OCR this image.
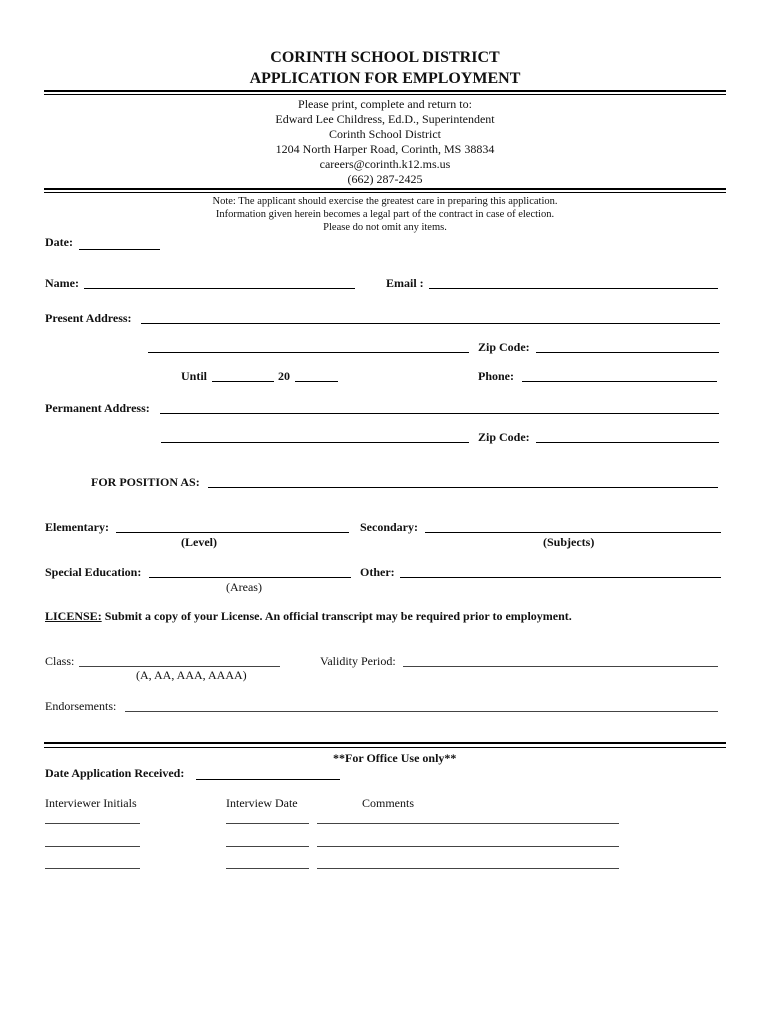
CORINTH SCHOOL DISTRICT
APPLICATION FOR EMPLOYMENT
Please print, complete and return to:
Edward Lee Childress, Ed.D., Superintendent
Corinth School District
1204 North Harper Road, Corinth, MS 38834
careers@corinth.k12.ms.us
(662) 287-2425
Note: The applicant should exercise the greatest care in preparing this application.
Information given herein becomes a legal part of the contract in case of election.
Please do not omit any items.
Date:
Name:	Email :
Present Address:
Zip Code:
Until	20	Phone:
Permanent Address:
Zip Code:
FOR POSITION AS:
Elementary:
(Level)
Secondary:
(Subjects)
Special Education:
(Areas)
Other:
LICENSE: Submit a copy of your License. An official transcript may be required prior to employment.
Class:
(A, AA, AAA, AAAA)
Validity Period:
Endorsements:
**For Office Use only**
Date Application Received:
Interviewer Initials	Interview Date	Comments
